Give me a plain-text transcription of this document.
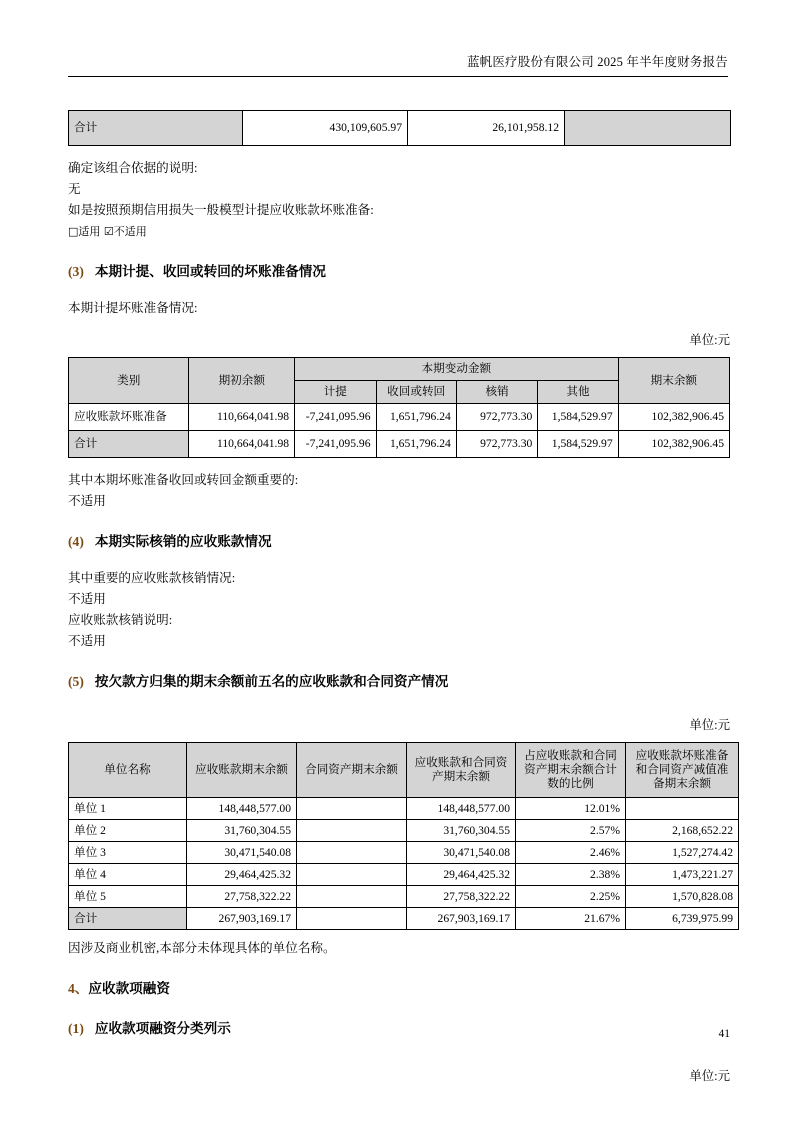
蓝帆医疗股份有限公司 2025 年半年度财务报告
合计	430,109,605.97	26,101,958.12	

确定该组合依据的说明:

无

如是按照预期信用损失一般模型计提应收账款坏账准备:

□适用 ☑不适用

(3) 本期计提、收回或转回的坏账准备情况

本期计提坏账准备情况:

单位:元

类别	期初余额	本期变动金额				期末余额
		计提	收回或转回	核销	其他	
应收账款坏账准备	110,664,041.98	-7,241,095.96	1,651,796.24	972,773.30	1,584,529.97	102,382,906.45
合计	110,664,041.98	-7,241,095.96	1,651,796.24	972,773.30	1,584,529.97	102,382,906.45

其中本期坏账准备收回或转回金额重要的:

不适用

(4) 本期实际核销的应收账款情况

其中重要的应收账款核销情况:

不适用

应收账款核销说明:

不适用

(5) 按欠款方归集的期末余额前五名的应收账款和合同资产情况

单位:元

单位名称	应收账款期末余额	合同资产期末余额	应收账款和合同资产期末余额	占应收账款和合同资产期末余额合计数的比例	应收账款坏账准备和合同资产减值准备期末余额
单位 1	148,448,577.00		148,448,577.00	12.01%	
单位 2	31,760,304.55		31,760,304.55	2.57%	2,168,652.22
单位 3	30,471,540.08		30,471,540.08	2.46%	1,527,274.42
单位 4	29,464,425.32		29,464,425.32	2.38%	1,473,221.27
单位 5	27,758,322.22		27,758,322.22	2.25%	1,570,828.08
合计	267,903,169.17		267,903,169.17	21.67%	6,739,975.99

因涉及商业机密,本部分未体现具体的单位名称。

4、应收款项融资

(1) 应收款项融资分类列示

单位:元

41
